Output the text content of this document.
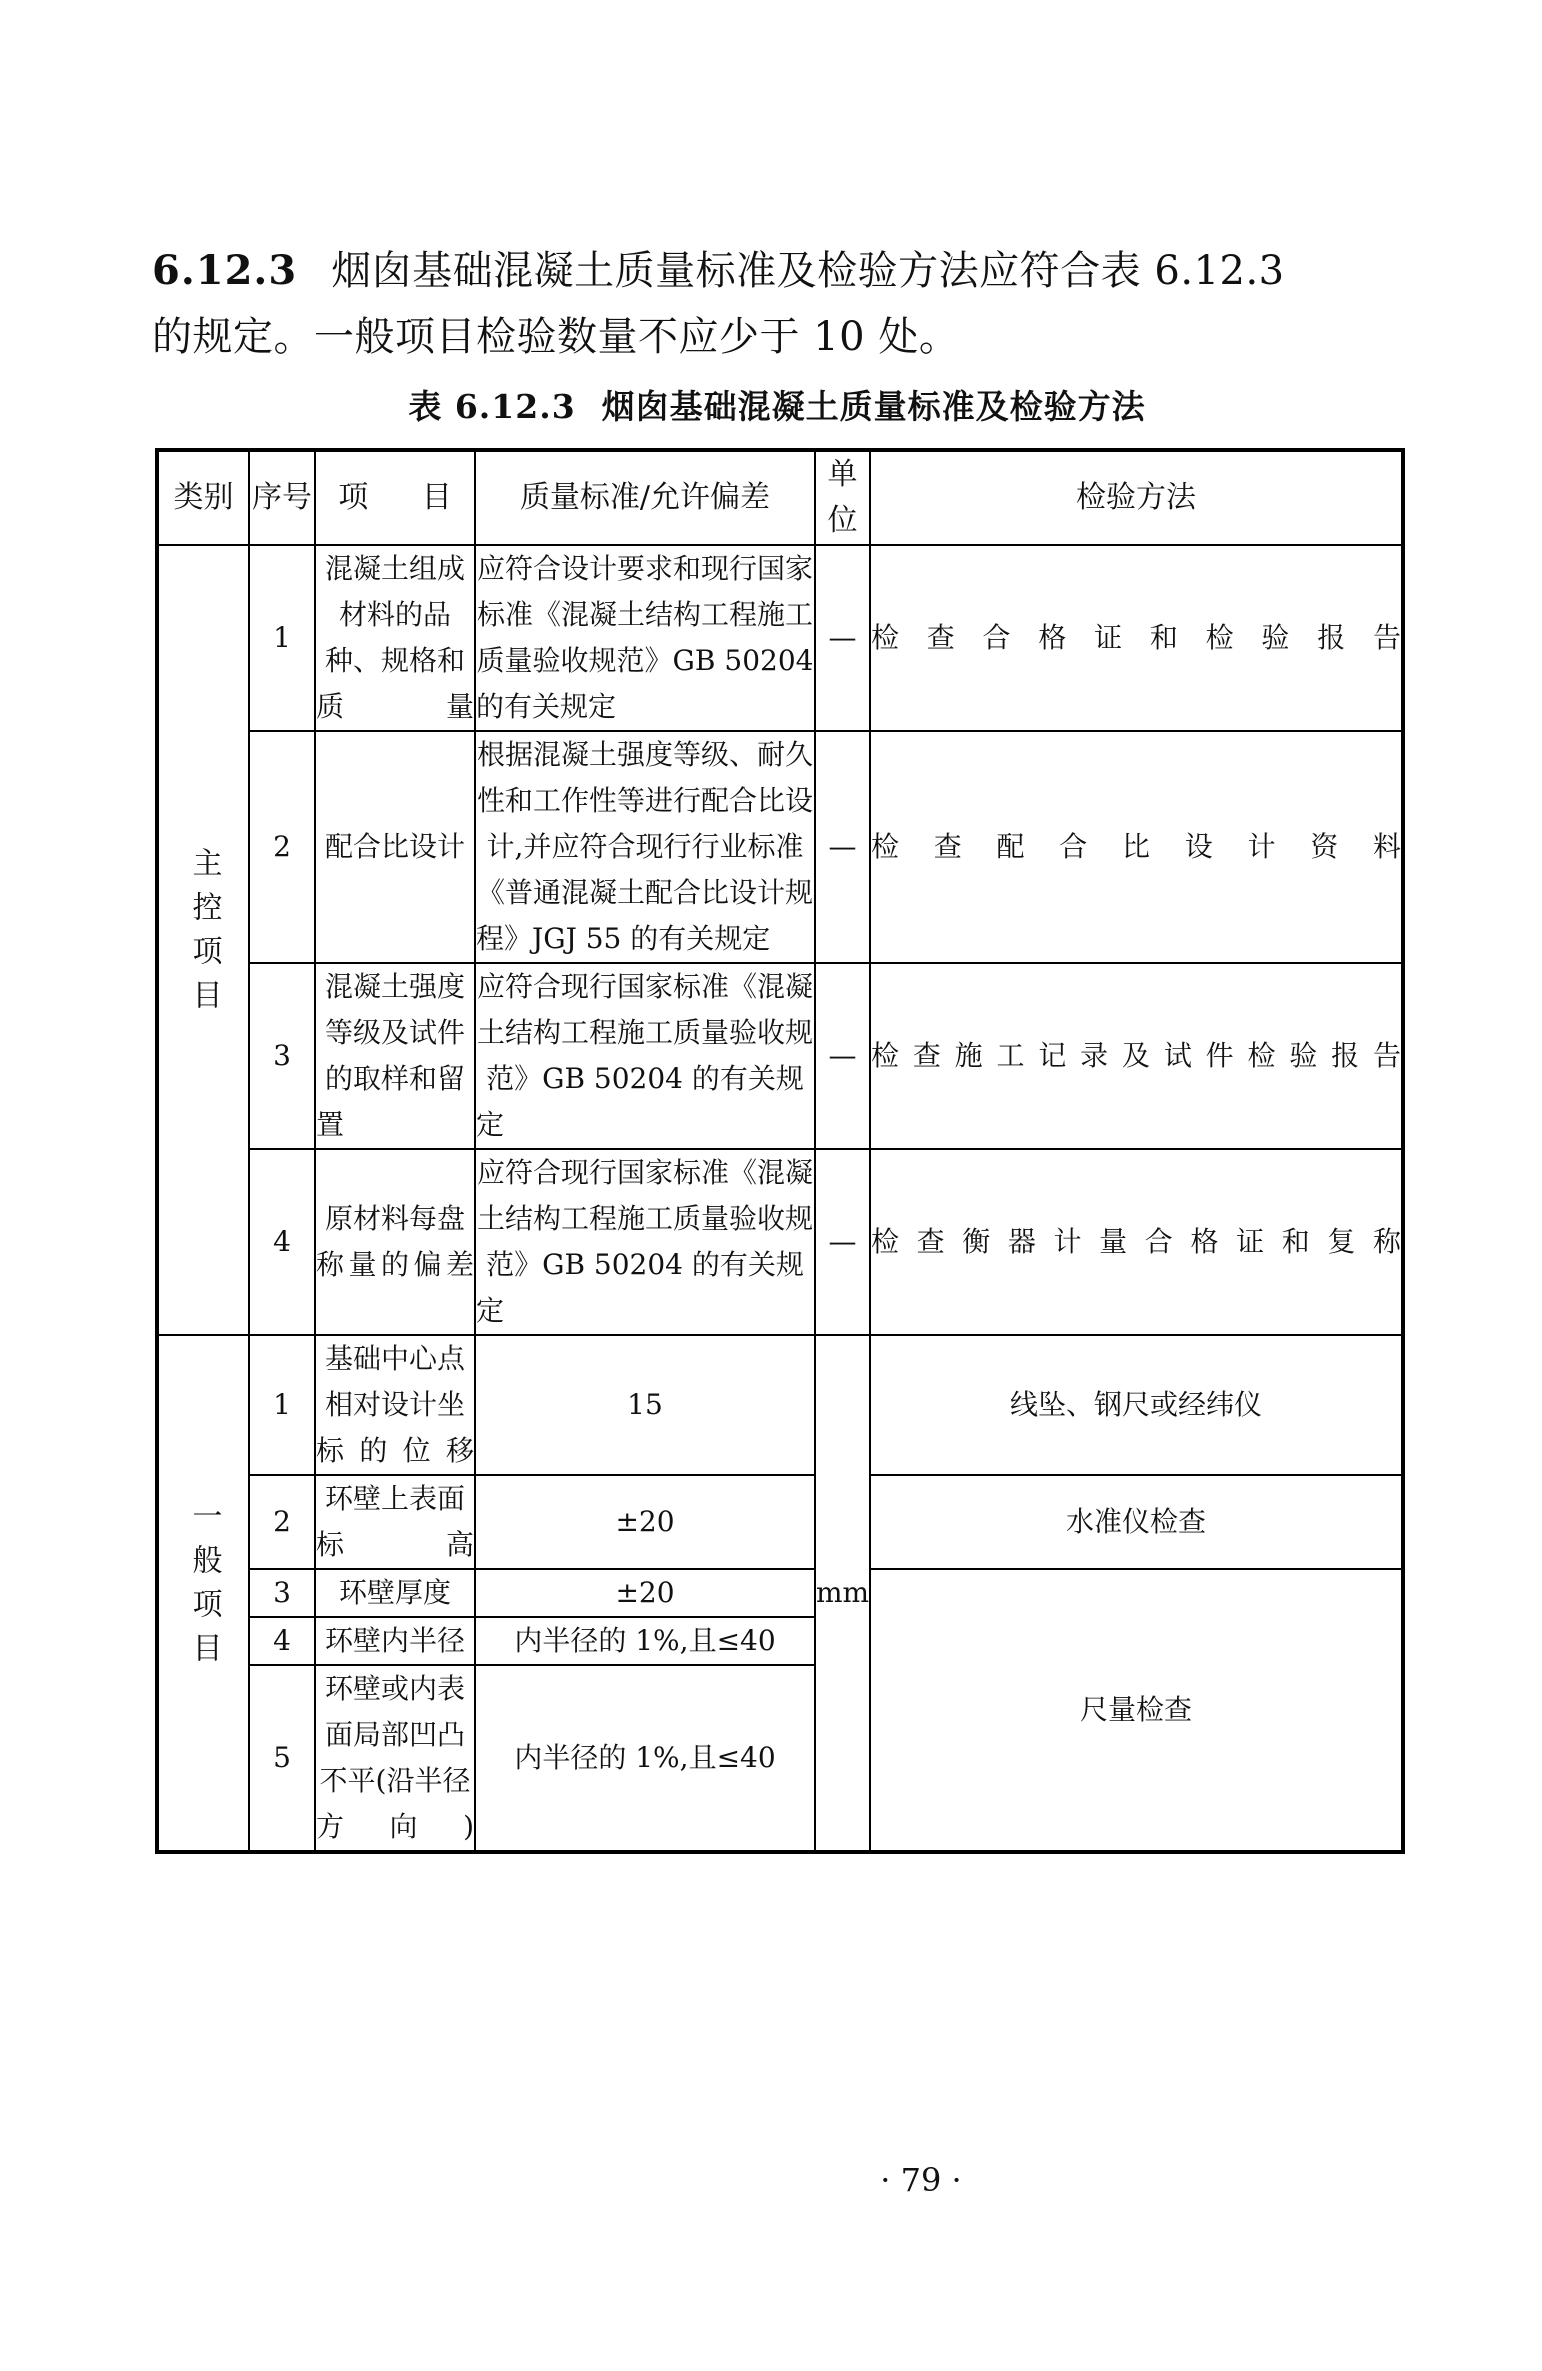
6.12.3 烟囱基础混凝土质量标准及检验方法应符合表 6.12.3
的规定。一般项目检验数量不应少于 10 处。
表 6.12.3 烟囱基础混凝土质量标准及检验方法
类别	序号	项 目	质量标准/允许偏差	单位	检验方法
主控项目	1	混凝土组成材料的品种、规格和质量	应符合设计要求和现行国家标准《混凝土结构工程施工质量验收规范》GB 50204 的有关规定	—	检查合格证和检验报告
	2	配合比设计	根据混凝土强度等级、耐久性和工作性等进行配合比设计,并应符合现行行业标准《普通混凝土配合比设计规程》JGJ 55 的有关规定	—	检查配合比设计资料
	3	混凝土强度等级及试件的取样和留置	应符合现行国家标准《混凝土结构工程施工质量验收规范》GB 50204 的有关规定	—	检查施工记录及试件检验报告
	4	原材料每盘称量的偏差	应符合现行国家标准《混凝土结构工程施工质量验收规范》GB 50204 的有关规定	—	检查衡器计量合格证和复称
一般项目	1	基础中心点相对设计坐标的位移	15	mm	线坠、钢尺或经纬仪
	2	环壁上表面标高	±20		水准仪检查
	3	环壁厚度	±20		尺量检查
	4	环壁内半径	内半径的 1%,且≤40		
	5	环壁或内表面局部凹凸不平(沿半径方向)	内半径的 1%,且≤40		
· 79 ·
